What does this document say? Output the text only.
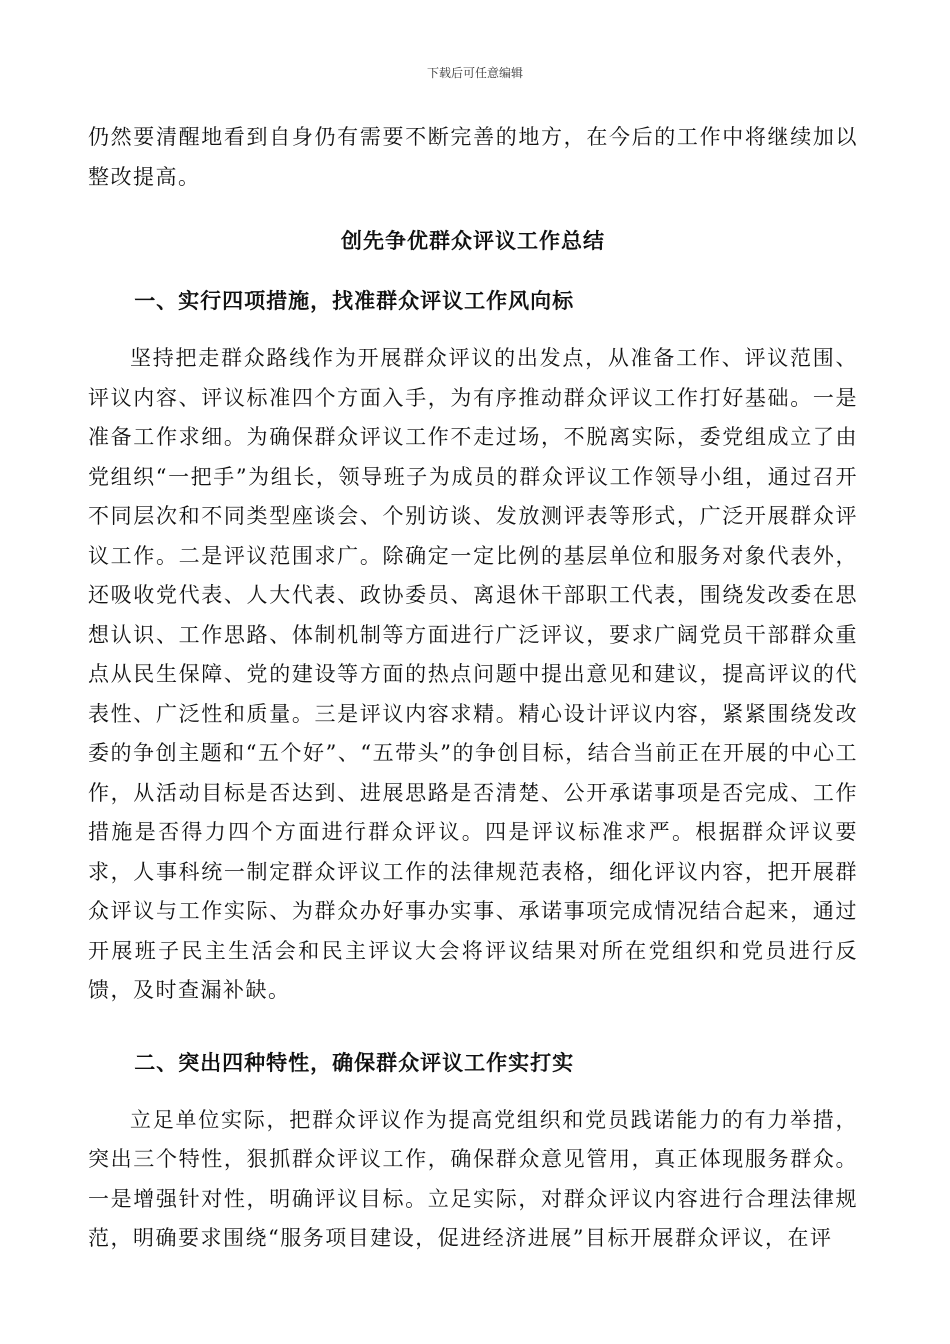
下载后可任意编辑

仍然要清醒地看到自身仍有需要不断完善的地方，在今后的工作中将继续加以整改提高。

创先争优群众评议工作总结
一、实行四项措施，找准群众评议工作风向标

坚持把走群众路线作为开展群众评议的出发点，从准备工作、评议范围、评议内容、评议标准四个方面入手，为有序推动群众评议工作打好基础。一是准备工作求细。为确保群众评议工作不走过场，不脱离实际，委党组成立了由党组织“一把手”为组长，领导班子为成员的群众评议工作领导小组，通过召开不同层次和不同类型座谈会、个别访谈、发放测评表等形式，广泛开展群众评议工作。二是评议范围求广。除确定一定比例的基层单位和服务对象代表外，还吸收党代表、人大代表、政协委员、离退休干部职工代表，围绕发改委在思想认识、工作思路、体制机制等方面进行广泛评议，要求广阔党员干部群众重点从民生保障、党的建设等方面的热点问题中提出意见和建议，提高评议的代表性、广泛性和质量。三是评议内容求精。精心设计评议内容，紧紧围绕发改委的争创主题和“五个好”、“五带头”的争创目标，结合当前正在开展的中心工作，从活动目标是否达到、进展思路是否清楚、公开承诺事项是否完成、工作措施是否得力四个方面进行群众评议。四是评议标准求严。根据群众评议要求，人事科统一制定群众评议工作的法律规范表格，细化评议内容，把开展群众评议与工作实际、为群众办好事办实事、承诺事项完成情况结合起来，通过开展班子民主生活会和民主评议大会将评议结果对所在党组织和党员进行反馈，及时查漏补缺。

二、突出四种特性，确保群众评议工作实打实

立足单位实际，把群众评议作为提高党组织和党员践诺能力的有力举措，突出三个特性，狠抓群众评议工作，确保群众意见管用，真正体现服务群众。一是增强针对性，明确评议目标。立足实际，对群众评议内容进行合理法律规范，明确要求围绕“服务项目建设，促进经济进展”目标开展群众评议，在评
